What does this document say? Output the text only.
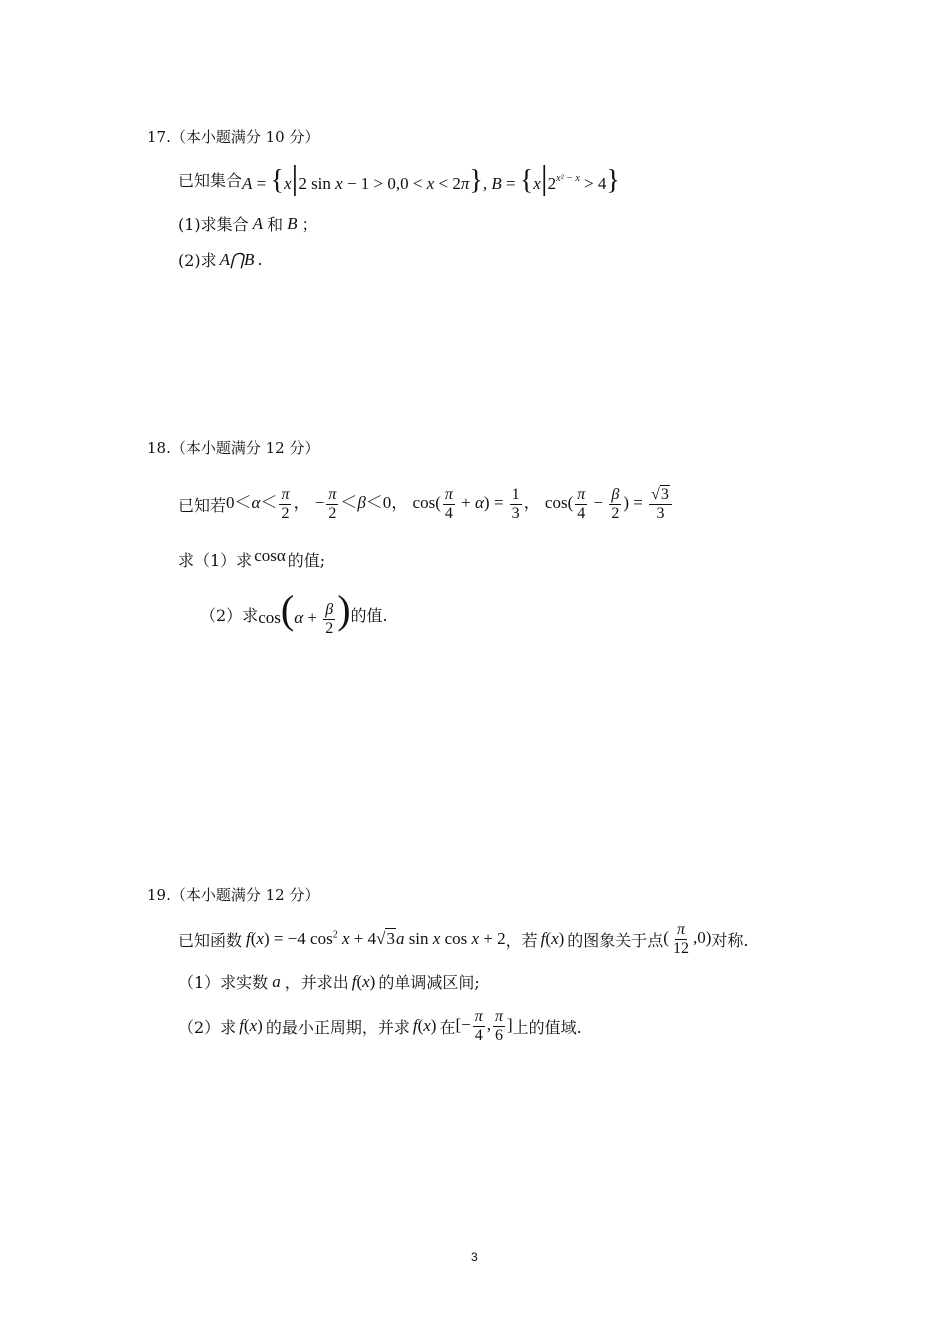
17.（本小题满分 10 分）
已知集合 A = {x|2 sin x − 1 > 0,0 < x < 2π}, $B = \{x|2^{x^2 - x} > 4\}$
(1)求集合 A 和 B ；
(2)求 A⋂B .
18.（本小题满分 12 分）
已知若 $0<\alpha< \frac{\pi}{2}$ ， − $\frac{\pi}{2} <\beta<0$， $\cos( \frac{\pi}{4} + \alpha) = \frac{1}{3}$ ， $\cos( \frac{\pi}{4} - \frac{\beta}{2}$ ) = $\frac{√3}{3}$
求（1）求 cosα 的值;
（2）求 $\cos(\alpha + \frac{\beta}{2}$ ) 的值.
19.（本小题满分 12 分）
已知函数 f(x) = −4 $\cos^2 x + 4√3a$ sin x cos x + 2 ，若 f(x) 的图象关于点 ( $\frac{\pi}{12} ,0$) 对称.
（1）求实数 a ，并求出 f(x) 的单调减区间;
（2）求 f(x) 的最小正周期，并求 f(x) 在 [− $\frac{\pi}{4}$ , $\frac{\pi}{6}$ ] 上的值域.
3
